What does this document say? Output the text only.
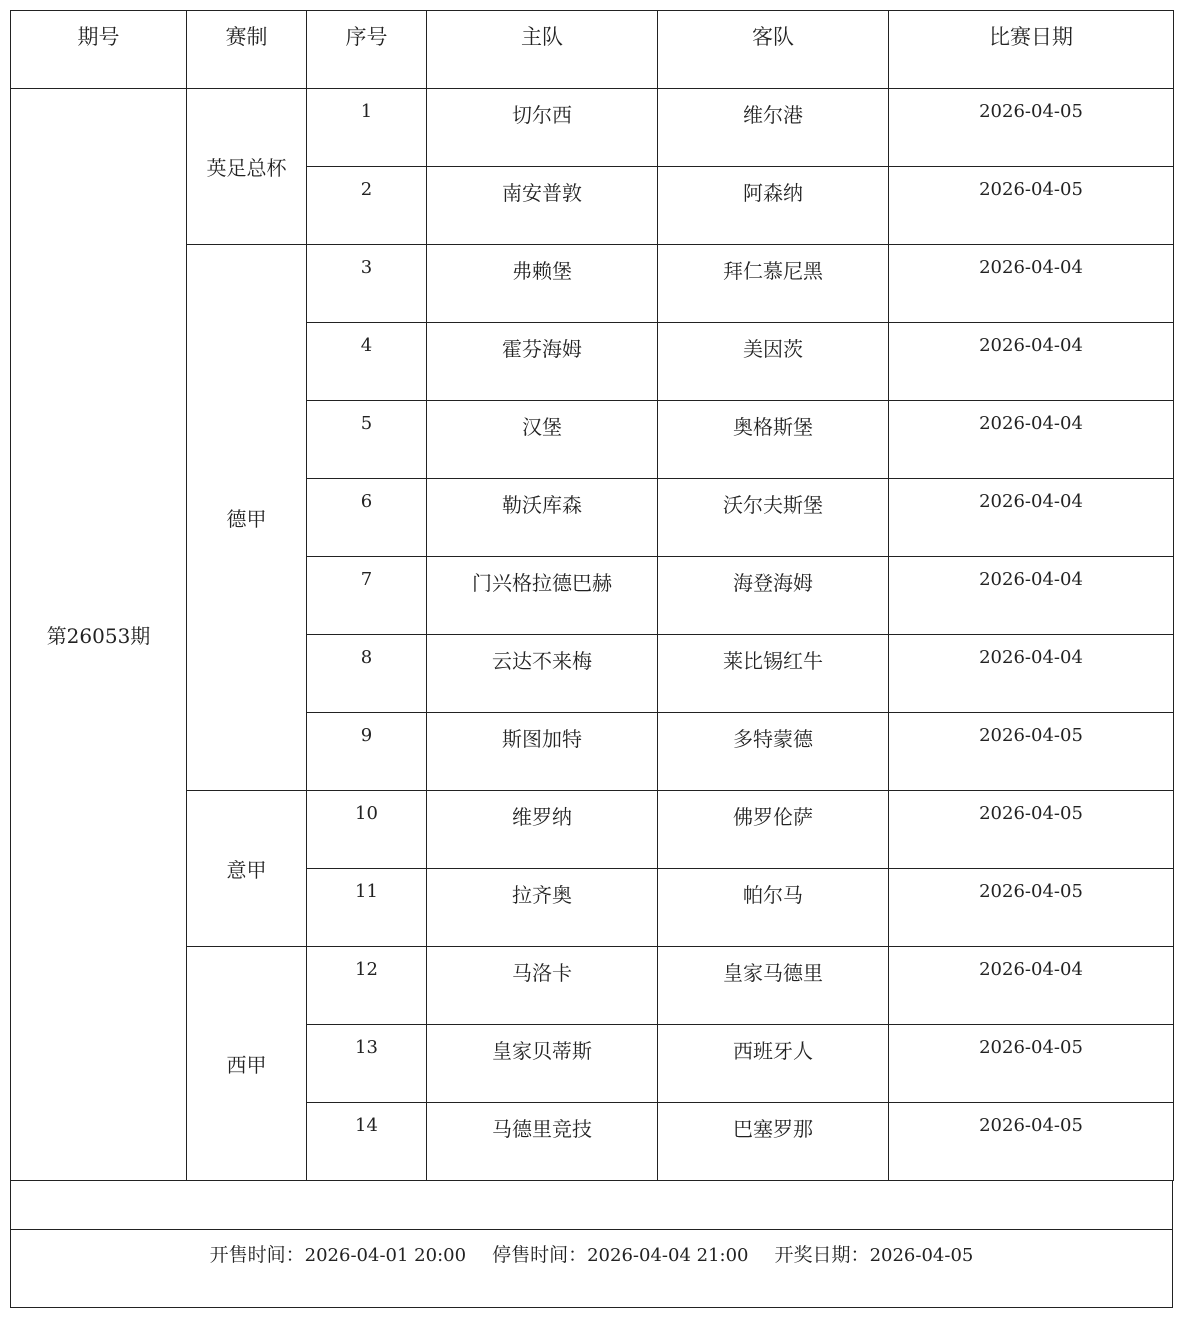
期号	赛制	序号	主队	客队	比赛日期
第26053期	英足总杯	1	切尔西	维尔港	2026-04-05
		2	南安普敦	阿森纳	2026-04-05
	德甲	3	弗赖堡	拜仁慕尼黑	2026-04-04
		4	霍芬海姆	美因茨	2026-04-04
		5	汉堡	奥格斯堡	2026-04-04
		6	勒沃库森	沃尔夫斯堡	2026-04-04
		7	门兴格拉德巴赫	海登海姆	2026-04-04
		8	云达不来梅	莱比锡红牛	2026-04-04
		9	斯图加特	多特蒙德	2026-04-05
	意甲	10	维罗纳	佛罗伦萨	2026-04-05
		11	拉齐奥	帕尔马	2026-04-05
	西甲	12	马洛卡	皇家马德里	2026-04-04
		13	皇家贝蒂斯	西班牙人	2026-04-05
		14	马德里竞技	巴塞罗那	2026-04-05
开售时间：2026-04-01 20:00 停售时间：2026-04-04 21:00 开奖日期：2026-04-05
